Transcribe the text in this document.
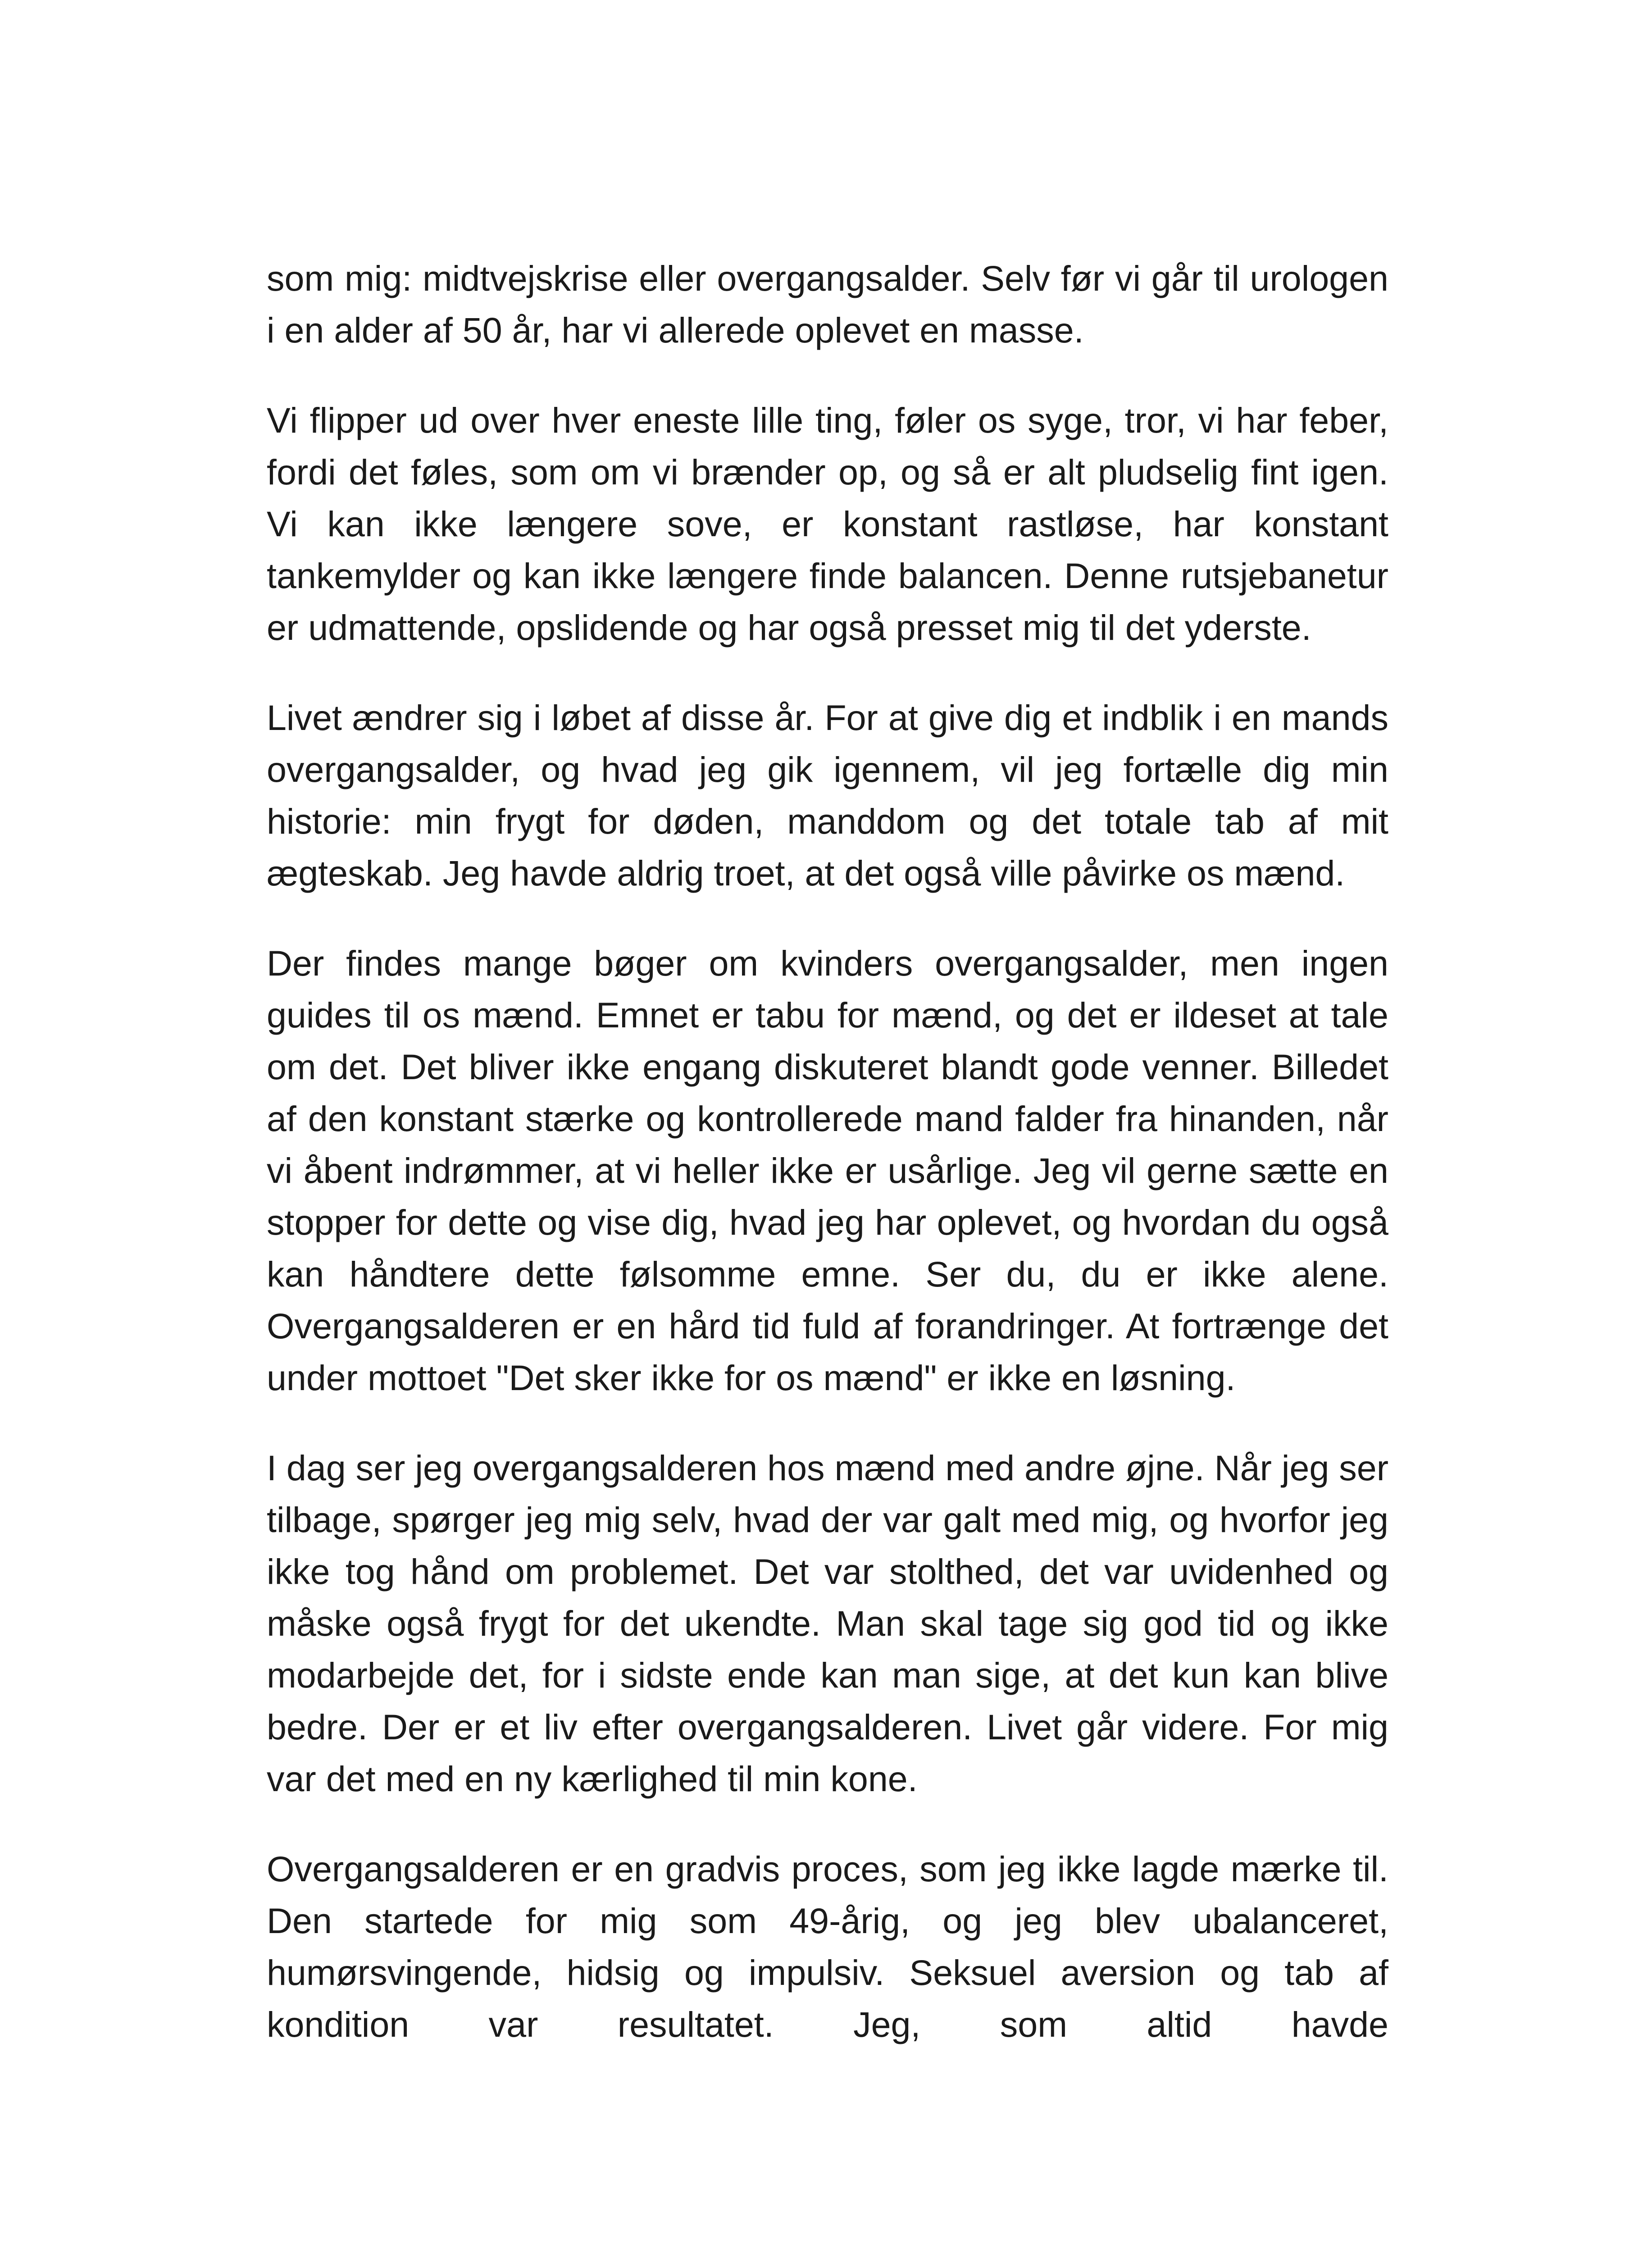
som mig: midtvejskrise eller overgangsalder. Selv før vi går til urologen i en alder af 50 år, har vi allerede oplevet en masse.

Vi flipper ud over hver eneste lille ting, føler os syge, tror, vi har feber, fordi det føles, som om vi brænder op, og så er alt pludselig fint igen. Vi kan ikke længere sove, er konstant rastløse, har konstant tankemylder og kan ikke længere finde balancen. Denne rutsjebanetur er udmattende, opslidende og har også presset mig til det yderste.

Livet ændrer sig i løbet af disse år. For at give dig et indblik i en mands overgangsalder, og hvad jeg gik igennem, vil jeg fortælle dig min historie: min frygt for døden, manddom og det totale tab af mit ægteskab. Jeg havde aldrig troet, at det også ville påvirke os mænd.

Der findes mange bøger om kvinders overgangsalder, men ingen guides til os mænd. Emnet er tabu for mænd, og det er ildeset at tale om det. Det bliver ikke engang diskuteret blandt gode venner. Billedet af den konstant stærke og kontrollerede mand falder fra hinanden, når vi åbent indrømmer, at vi heller ikke er usårlige. Jeg vil gerne sætte en stopper for dette og vise dig, hvad jeg har oplevet, og hvordan du også kan håndtere dette følsomme emne. Ser du, du er ikke alene. Overgangsalderen er en hård tid fuld af forandringer. At fortrænge det under mottoet "Det sker ikke for os mænd" er ikke en løsning.

I dag ser jeg overgangsalderen hos mænd med andre øjne. Når jeg ser tilbage, spørger jeg mig selv, hvad der var galt med mig, og hvorfor jeg ikke tog hånd om problemet. Det var stolthed, det var uvidenhed og måske også frygt for det ukendte. Man skal tage sig god tid og ikke modarbejde det, for i sidste ende kan man sige, at det kun kan blive bedre. Der er et liv efter overgangsalderen. Livet går videre. For mig var det med en ny kærlighed til min kone.

Overgangsalderen er en gradvis proces, som jeg ikke lagde mærke til. Den startede for mig som 49-årig, og jeg blev ubalanceret, humørsvingende, hidsig og impulsiv. Seksuel aversion og tab af kondition var resultatet. Jeg, som altid havde
